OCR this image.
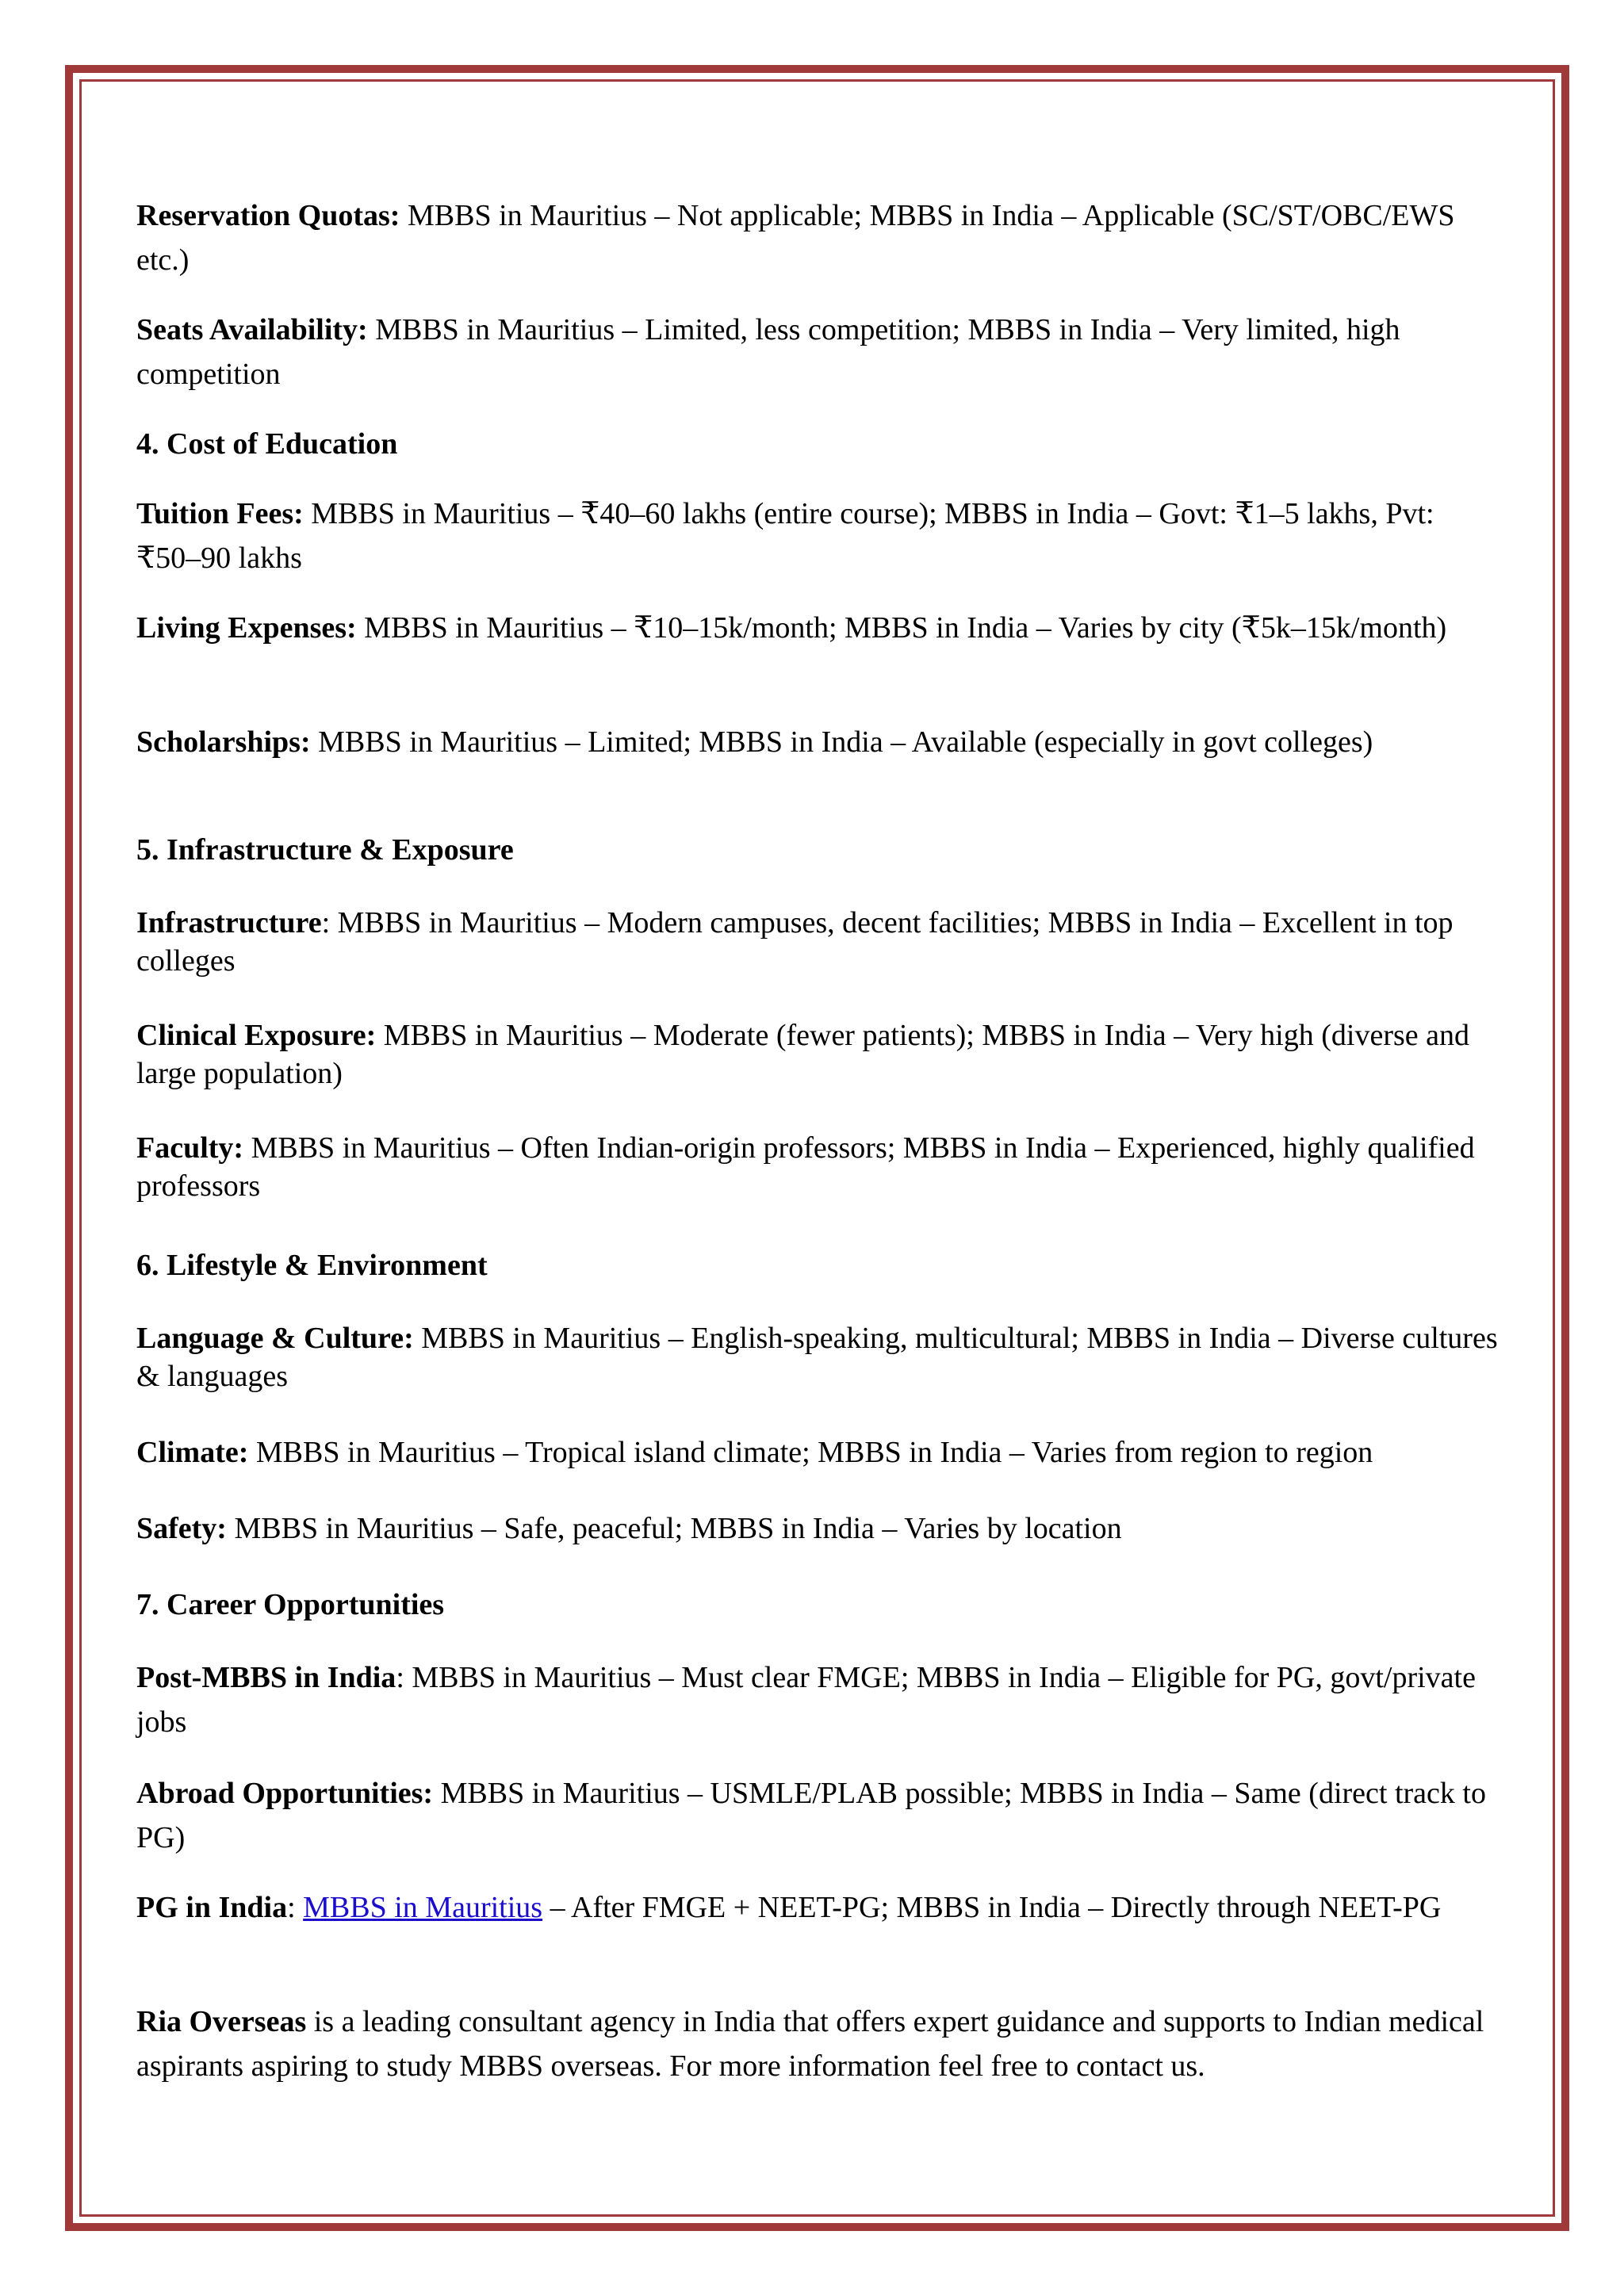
Reservation Quotas: MBBS in Mauritius – Not applicable; MBBS in India – Applicable (SC/ST/OBC/EWS etc.)

Seats Availability: MBBS in Mauritius – Limited, less competition; MBBS in India – Very limited, high competition

4. Cost of Education

Tuition Fees: MBBS in Mauritius – ₹40–60 lakhs (entire course); MBBS in India – Govt: ₹1–5 lakhs, Pvt: ₹50–90 lakhs

Living Expenses: MBBS in Mauritius – ₹10–15k/month; MBBS in India – Varies by city (₹5k–15k/month)

Scholarships: MBBS in Mauritius – Limited; MBBS in India – Available (especially in govt colleges)

5. Infrastructure & Exposure

Infrastructure: MBBS in Mauritius – Modern campuses, decent facilities; MBBS in India – Excellent in top colleges

Clinical Exposure: MBBS in Mauritius – Moderate (fewer patients); MBBS in India – Very high (diverse and large population)

Faculty: MBBS in Mauritius – Often Indian-origin professors; MBBS in India – Experienced, highly qualified professors

6. Lifestyle & Environment

Language & Culture: MBBS in Mauritius – English-speaking, multicultural; MBBS in India – Diverse cultures & languages

Climate: MBBS in Mauritius – Tropical island climate; MBBS in India – Varies from region to region

Safety: MBBS in Mauritius – Safe, peaceful; MBBS in India – Varies by location

7. Career Opportunities

Post-MBBS in India: MBBS in Mauritius – Must clear FMGE; MBBS in India – Eligible for PG, govt/private jobs

Abroad Opportunities: MBBS in Mauritius – USMLE/PLAB possible; MBBS in India – Same (direct track to PG)

PG in India: MBBS in Mauritius – After FMGE + NEET-PG; MBBS in India – Directly through NEET-PG

Ria Overseas is a leading consultant agency in India that offers expert guidance and supports to Indian medical aspirants aspiring to study MBBS overseas. For more information feel free to contact us.
